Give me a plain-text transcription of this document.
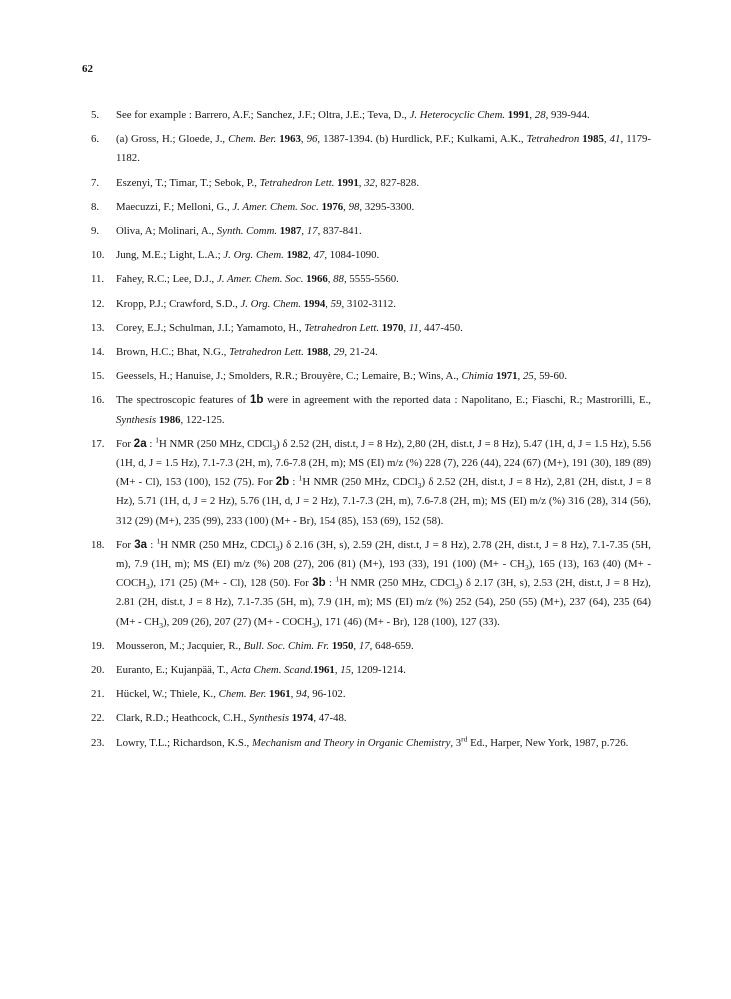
62
5.	See for example : Barrero, A.F.; Sanchez, J.F.; Oltra, J.E.; Teva, D., J. Heterocyclic Chem. 1991, 28, 939-944.
6.	(a) Gross, H.; Gloede, J., Chem. Ber. 1963, 96, 1387-1394. (b) Hurdlick, P.F.; Kulkami, A.K., Tetrahedron 1985, 41, 1179-1182.
7.	Eszenyi, T.; Timar, T.; Sebok, P., Tetrahedron Lett. 1991, 32, 827-828.
8.	Maecuzzi, F.; Melloni, G., J. Amer. Chem. Soc. 1976, 98, 3295-3300.
9.	Oliva, A; Molinari, A., Synth. Comm. 1987, 17, 837-841.
10.	Jung, M.E.; Light, L.A.; J. Org. Chem. 1982, 47, 1084-1090.
11.	Fahey, R.C.; Lee, D.J., J. Amer. Chem. Soc. 1966, 88, 5555-5560.
12.	Kropp, P.J.; Crawford, S.D., J. Org. Chem. 1994, 59, 3102-3112.
13.	Corey, E.J.; Schulman, J.I.; Yamamoto, H., Tetrahedron Lett. 1970, 11, 447-450.
14.	Brown, H.C.; Bhat, N.G., Tetrahedron Lett. 1988, 29, 21-24.
15.	Geessels, H.; Hanuise, J.; Smolders, R.R.; Brouyère, C.; Lemaire, B.; Wins, A., Chimia 1971, 25, 59-60.
16.	The spectroscopic features of 1b were in agreement with the reported data : Napolitano, E.; Fiaschi, R.; Mastrorilli, E., Synthesis 1986, 122-125.
17.	For 2a : $^1$H NMR (250 MHz, CDCl$_3$) δ 2.52 (2H, dist.t, J = 8 Hz), 2,80 (2H, dist.t, J = 8 Hz), 5.47 (1H, d, J = 1.5 Hz), 5.56 (1H, d, J = 1.5 Hz), 7.1-7.3 (2H, m), 7.6-7.8 (2H, m); MS (EI) m/z (%) 228 (7), 226 (44), 224 (67) (M+), 191 (30), 189 (89) (M+ - Cl), 153 (100), 152 (75). For 2b : $^1$H NMR (250 MHz, CDCl$_3$) δ 2.52 (2H, dist.t, J = 8 Hz), 2,81 (2H, dist.t, J = 8 Hz), 5.71 (1H, d, J = 2 Hz), 5.76 (1H, d, J = 2 Hz), 7.1-7.3 (2H, m), 7.6-7.8 (2H, m); MS (EI) m/z (%) 316 (28), 314 (56), 312 (29) (M+), 235 (99), 233 (100) (M+ - Br), 154 (85), 153 (69), 152 (58).
18.	For 3a : $^1$H NMR (250 MHz, CDCl$_3$) δ 2.16 (3H, s), 2.59 (2H, dist.t, J = 8 Hz), 2.78 (2H, dist.t, J = 8 Hz), 7.1-7.35 (5H, m), 7.9 (1H, m); MS (EI) m/z (%) 208 (27), 206 (81) (M+), 193 (33), 191 (100) $(M+ - CH_3)$, 165 (13), 163 (40) $(M+ - COCH_3)$, 171 (25) (M+ - Cl), 128 (50). For 3b : $^1$H NMR (250 MHz, CDCl$_3$) δ 2.17 (3H, s), 2.53 (2H, dist.t, J = 8 Hz), 2.81 (2H, dist.t, J = 8 Hz), 7.1-7.35 (5H, m), 7.9 (1H, m); MS (EI) m/z (%) 252 (54), 250 (55) (M+), 237 (64), 235 (64) $(M+ - CH_3)$, 209 (26), 207 (27) $(M+ - COCH_3)$, 171 (46) (M+ - Br), 128 (100), 127 (33).
19.	Mousseron, M.; Jacquier, R., Bull. Soc. Chim. Fr. 1950, 17, 648-659.
20.	Euranto, E.; Kujanpää, T., Acta Chem. Scand.1961, 15, 1209-1214.
21.	Hückel, W.; Thiele, K., Chem. Ber. 1961, 94, 96-102.
22.	Clark, R.D.; Heathcock, C.H., Synthesis 1974, 47-48.
23.	Lowry, T.L.; Richardson, K.S., Mechanism and Theory in Organic Chemistry, 3rd Ed., Harper, New York, 1987, p.726.
